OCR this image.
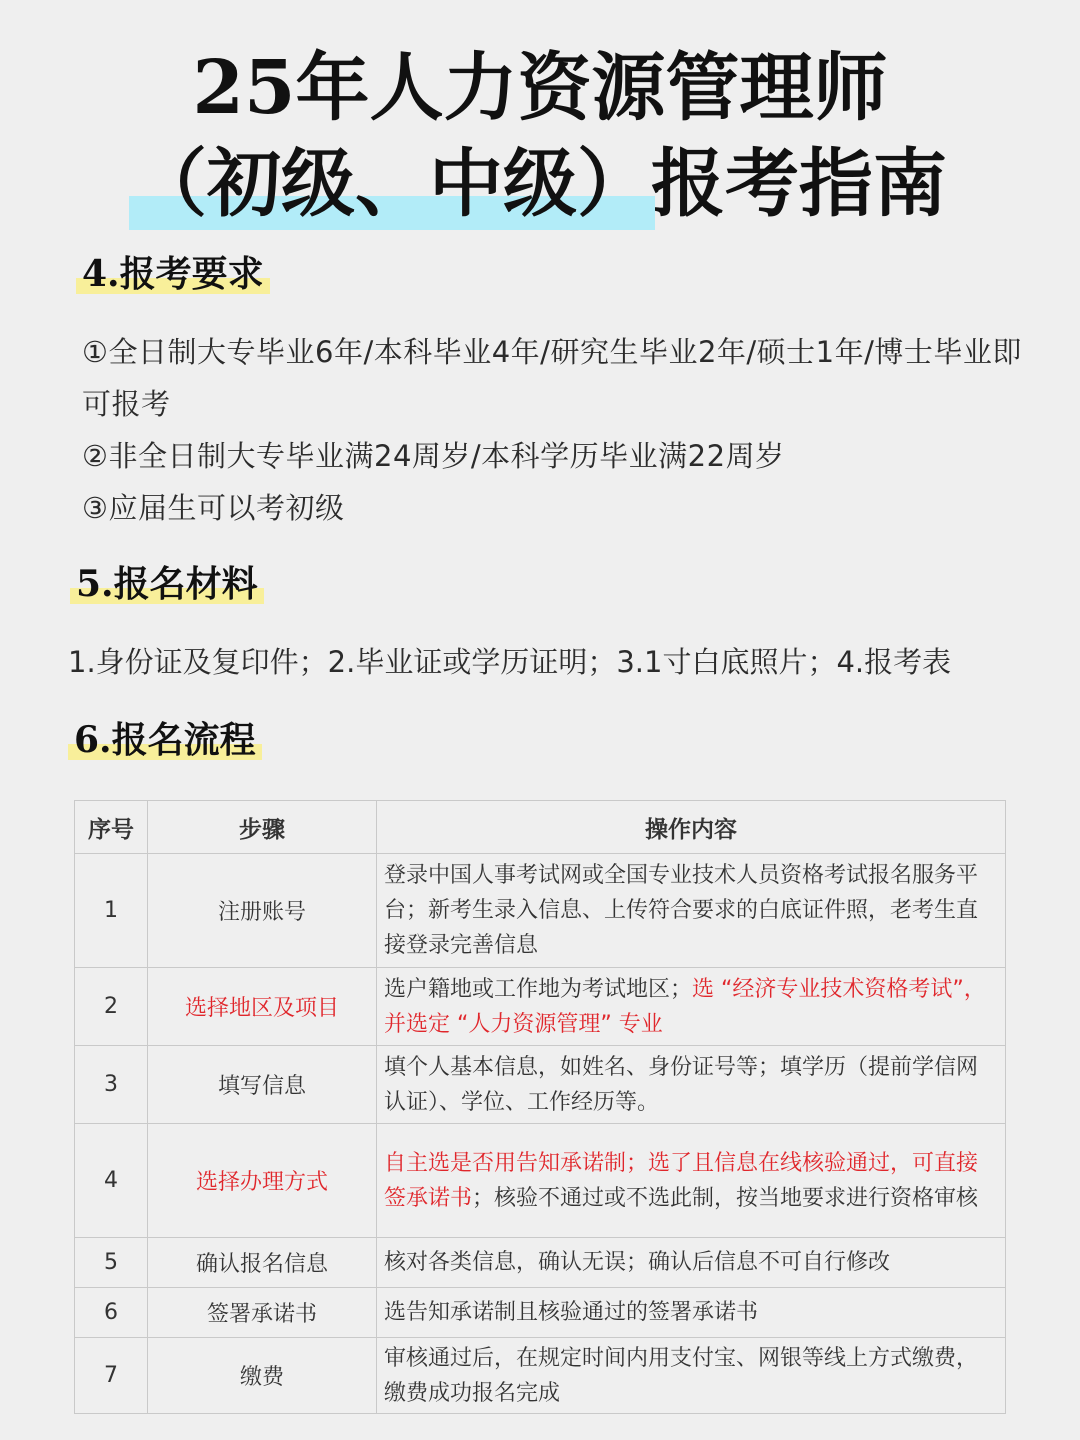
25年人力资源管理师
（初级、中级）报考指南
4.报考要求

①全日制大专毕业6年/本科毕业4年/研究生毕业2年/硕士1年/博士毕业即可报考

②非全日制大专毕业满24周岁/本科学历毕业满22周岁

③应届生可以考初级

5.报名材料
1.身份证及复印件；2.毕业证或学历证明；3.1寸白底照片；4.报考表
6.报名流程
序号	步骤	操作内容
1	注册账号	登录中国人事考试网或全国专业技术人员资格考试报名服务平台；新考生录入信息、上传符合要求的白底证件照，老考生直接登录完善信息
2	选择地区及项目	选户籍地或工作地为考试地区；选 “经济专业技术资格考试”，并选定 “人力资源管理” 专业
3	填写信息	填个人基本信息，如姓名、身份证号等；填学历（提前学信网认证）、学位、工作经历等。
4	选择办理方式	自主选是否用告知承诺制；选了且信息在线核验通过，可直接签承诺书；核验不通过或不选此制，按当地要求进行资格审核
5	确认报名信息	核对各类信息，确认无误；确认后信息不可自行修改
6	签署承诺书	选告知承诺制且核验通过的签署承诺书
7	缴费	审核通过后，在规定时间内用支付宝、网银等线上方式缴费，缴费成功报名完成
